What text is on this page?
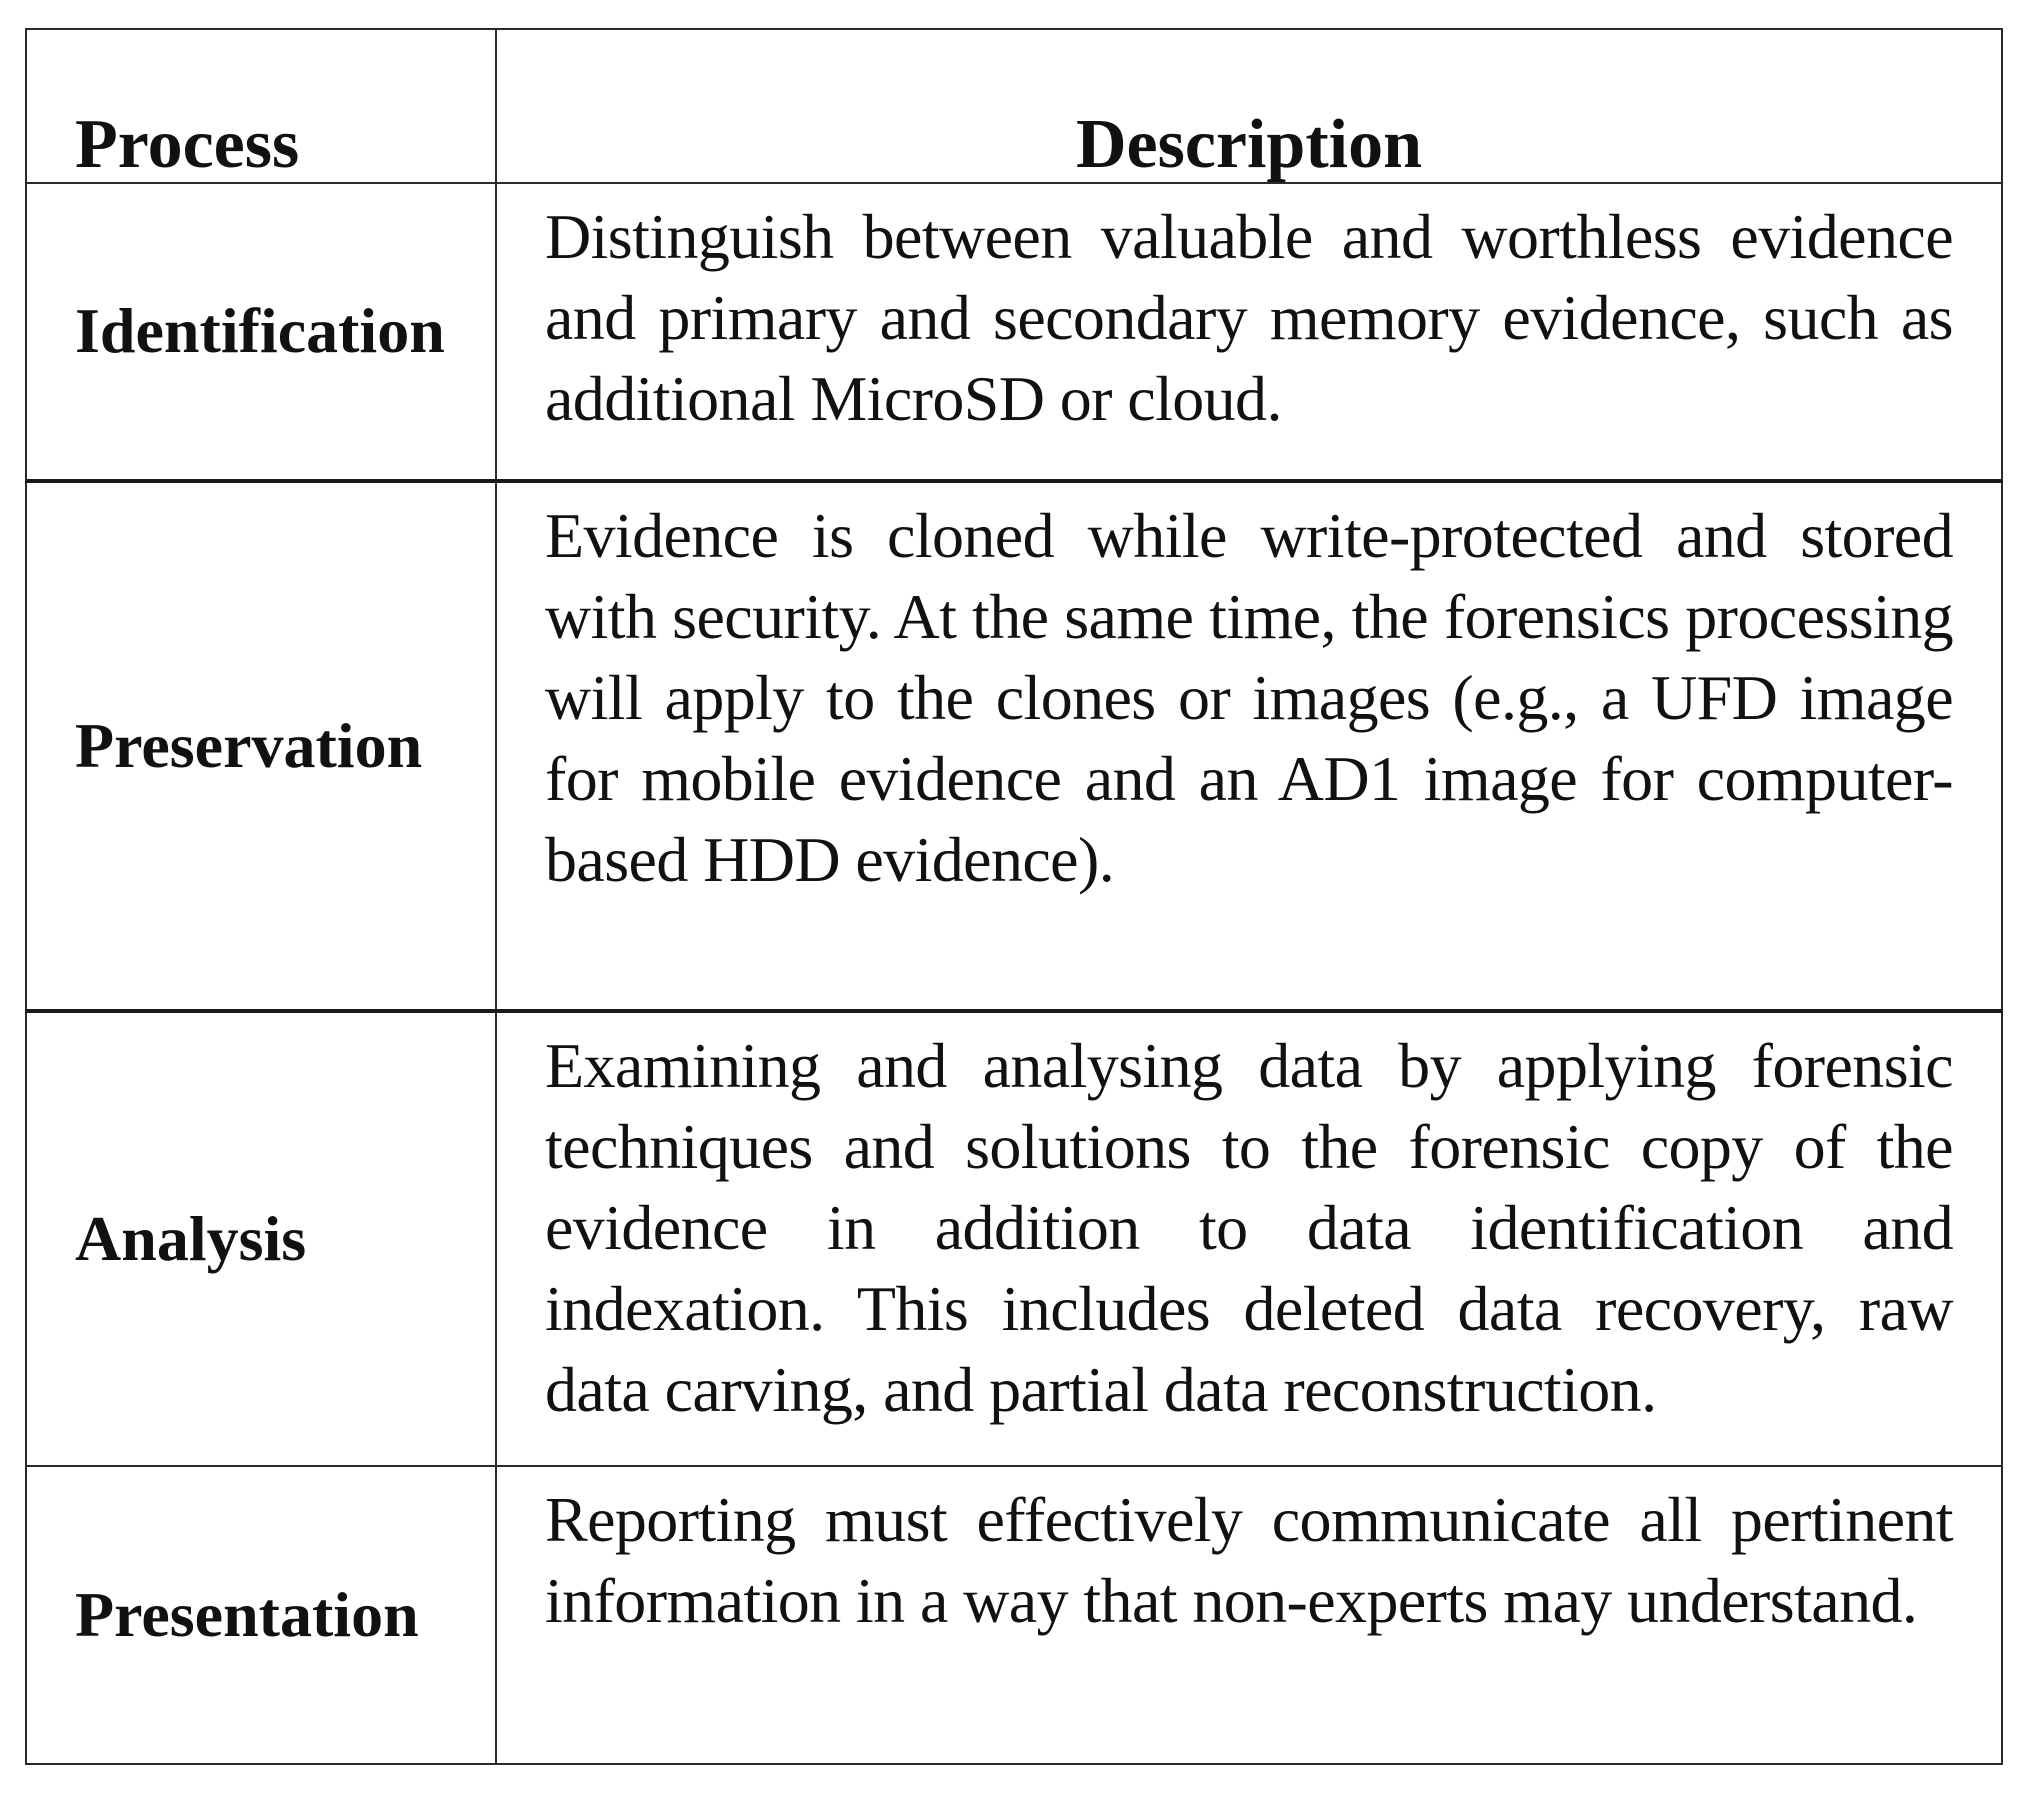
Process	Description
Identification	Distinguish between valuable and worthless evidence and primary and secondary memory evidence, such as additional MicroSD or cloud.

Preservation	Evidence is cloned while write-protected and stored with security. At the same time, the forensics processing will apply to the clones or images (e.g., a UFD image for mobile evidence and an AD1 image for computer-based HDD evidence).

Analysis	Examining and analysing data by applying forensic techniques and solutions to the forensic copy of the evidence in addition to data identification and indexation. This includes deleted data recovery, raw data carving, and partial data reconstruction.

Presentation	Reporting must effectively communicate all pertinent information in a way that non-experts may understand.
